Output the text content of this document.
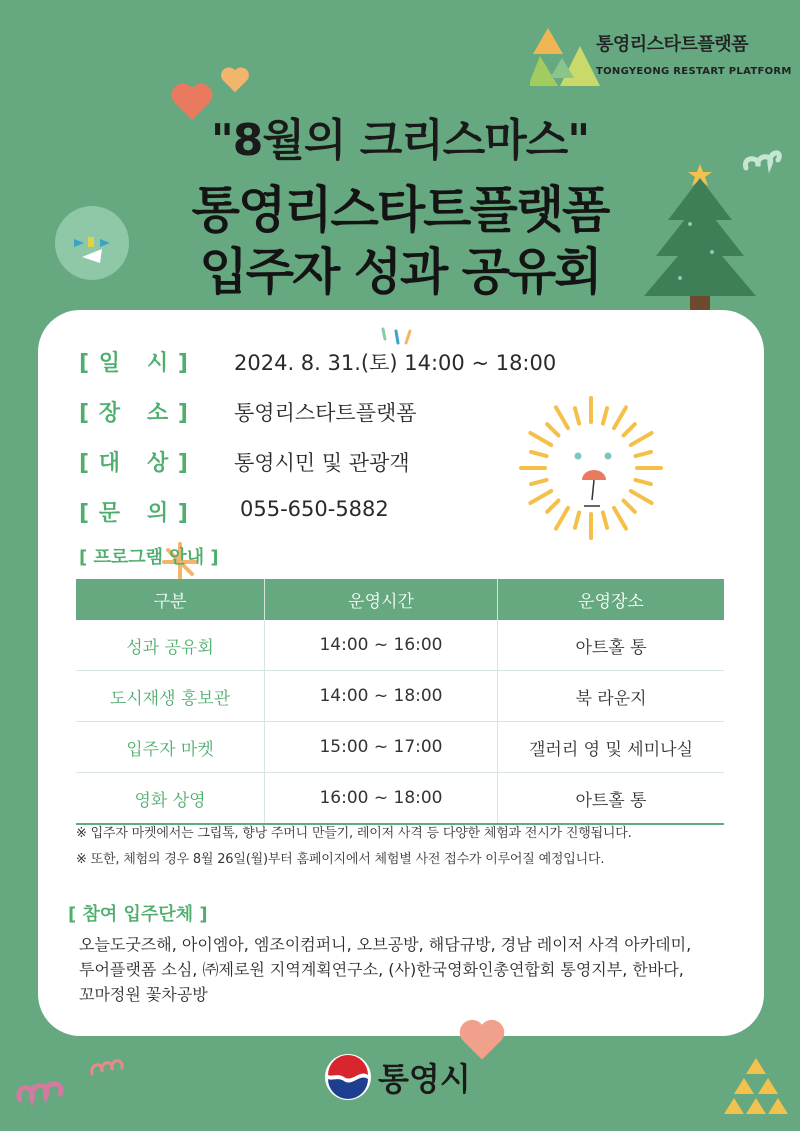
통영리스타트플랫폼
TONGYEONG RESTART PLATFORM
"8월의 크리스마스"
통영리스타트플랫폼
입주자 성과 공유회
[ 일   시 ] 2024. 8. 31.(토) 14:00 ~ 18:00
[ 장   소 ] 통영리스타트플랫폼
[ 대   상 ] 통영시민 및 관광객
[ 문   의 ] 055-650-5882
[ 프로그램 안내 ]
구분	운영시간	운영장소
성과 공유회	14:00 ~ 16:00	아트홀 통
도시재생 홍보관	14:00 ~ 18:00	북 라운지
입주자 마켓	15:00 ~ 17:00	갤러리 영 및 세미나실
영화 상영	16:00 ~ 18:00	아트홀 통
※ 입주자 마켓에서는 그립톡, 향낭 주머니 만들기, 레이저 사격 등 다양한 체험과 전시가 진행됩니다.
※ 또한, 체험의 경우 8월 26일(월)부터 홈페이지에서 체험별 사전 접수가 이루어질 예정입니다.
[ 참여 입주단체 ]
오늘도굿즈해, 아이엠아, 엠조이컴퍼니, 오브공방, 해담규방, 경남 레이저 사격 아카데미,
투어플랫폼 소심, ㈜제로원 지역계획연구소, (사)한국영화인총연합회 통영지부, 한바다,
꼬마정원 꽃차공방
통영시
